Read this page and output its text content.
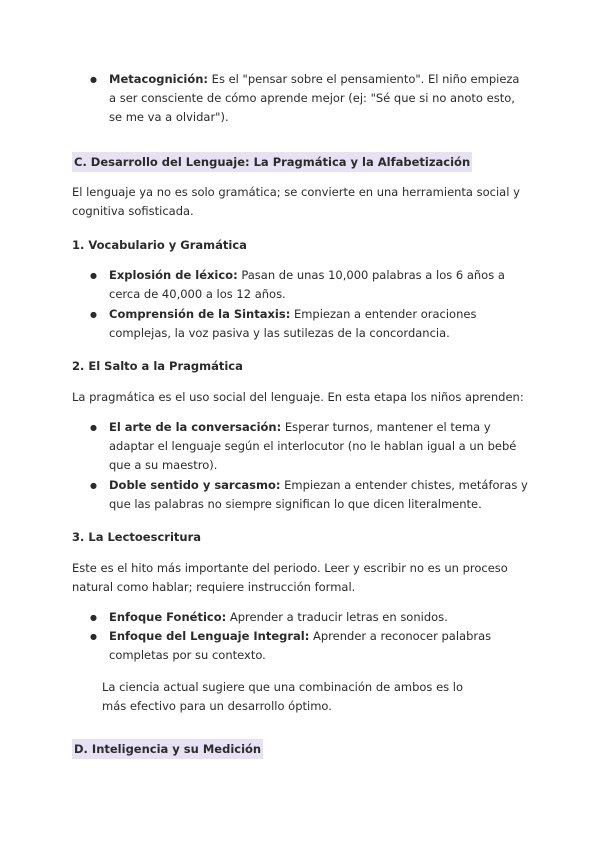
● Metacognición: Es el "pensar sobre el pensamiento". El niño empieza a ser consciente de cómo aprende mejor (ej: "Sé que si no anoto esto, se me va a olvidar").

C. Desarrollo del Lenguaje: La Pragmática y la Alfabetización

El lenguaje ya no es solo gramática; se convierte en una herramienta social y cognitiva sofisticada.

1. Vocabulario y Gramática

● Explosión de léxico: Pasan de unas 10,000 palabras a los 6 años a cerca de 40,000 a los 12 años.

● Comprensión de la Sintaxis: Empiezan a entender oraciones complejas, la voz pasiva y las sutilezas de la concordancia.

2. El Salto a la Pragmática

La pragmática es el uso social del lenguaje. En esta etapa los niños aprenden:

● El arte de la conversación: Esperar turnos, mantener el tema y adaptar el lenguaje según el interlocutor (no le hablan igual a un bebé que a su maestro).

● Doble sentido y sarcasmo: Empiezan a entender chistes, metáforas y que las palabras no siempre significan lo que dicen literalmente.

3. La Lectoescritura

Este es el hito más importante del periodo. Leer y escribir no es un proceso natural como hablar; requiere instrucción formal.

● Enfoque Fonético: Aprender a traducir letras en sonidos.

● Enfoque del Lenguaje Integral: Aprender a reconocer palabras completas por su contexto.

La ciencia actual sugiere que una combinación de ambos es lo más efectivo para un desarrollo óptimo.

D. Inteligencia y su Medición
